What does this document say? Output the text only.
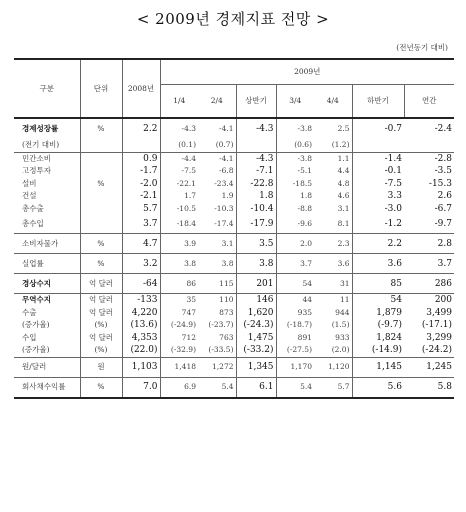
< 2009년 경제지표 전망 >
(전년동기 대비)
구분	단위	2008년	2009년						
			1/4	2/4	상반기	3/4	4/4	하반기	연간
경제성장률	%	2.2	-4.3	-4.1	-4.3	-3.8	2.5	-0.7	-2.4
(전기 대비)			(0.1)	(0.7)		(0.6)	(1.2)		
민간소비		0.9	-4.4	-4.1	-4.3	-3.8	1.1	-1.4	-2.8
고정투자		-1.7	-7.5	-6.8	-7.1	-5.1	4.4	-0.1	-3.5
설비	%	-2.0	-22.1	-23.4	-22.8	-18.5	4.8	-7.5	-15.3
건설		-2.1	1.7	1.9	1.8	1.8	4.6	3.3	2.6
총수출		5.7	-10.5	-10.3	-10.4	-8.8	3.1	-3.0	-6.7
총수입		3.7	-18.4	-17.4	-17.9	-9.6	8.1	-1.2	-9.7
소비자물가	%	4.7	3.9	3.1	3.5	2.0	2.3	2.2	2.8
실업률	%	3.2	3.8	3.8	3.8	3.7	3.6	3.6	3.7
경상수지	억 달러	-64	86	115	201	54	31	85	286
무역수지	억 달러	-133	35	110	146	44	11	54	200
수출	억 달러	4,220	747	873	1,620	935	944	1,879	3,499
(증가율)	(%)	(13.6)	(-24.9)	(-23.7)	(-24.3)	(-18.7)	(1.5)	(-9.7)	(-17.1)
수입	억 달러	4,353	712	763	1,475	891	933	1,824	3,299
(증가율)	(%)	(22.0)	(-32.9)	(-33.5)	(-33.2)	(-27.5)	(2.0)	(-14.9)	(-24.2)
원/달러	원	1,103	1,418	1,272	1,345	1,170	1,120	1,145	1,245
회사채수익률	%	7.0	6.9	5.4	6.1	5.4	5.7	5.6	5.8
